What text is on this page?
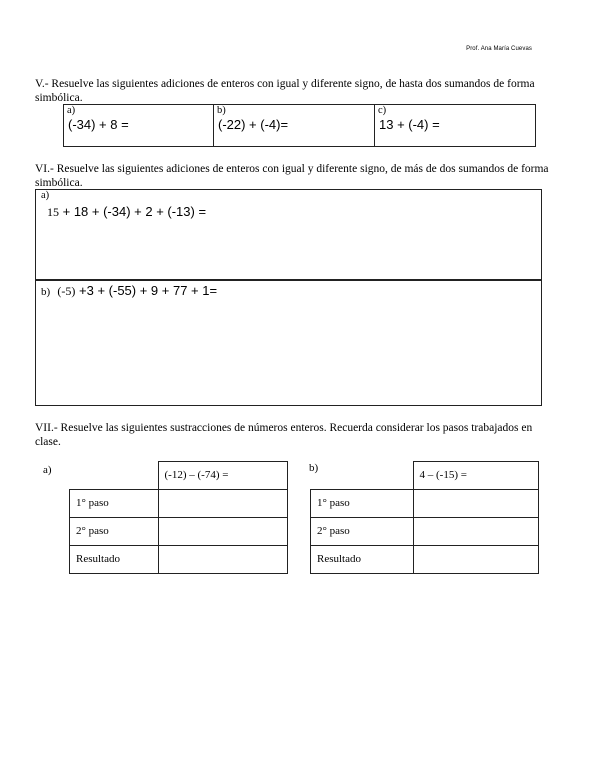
Prof. Ana María Cuevas
V.- Resuelve las siguientes adiciones de enteros con igual y diferente signo, de hasta dos sumandos de forma simbólica.
a)
(-34) + 8 =

b)
(-22) + (-4)=

c)
13 + (-4) =
VI.- Resuelve las siguientes adiciones de enteros con igual y diferente signo, de más de dos sumandos de forma simbólica.
a)
15 + 18 + (-34) + 2 + (-13) =
b) (-5) +3 + (-55) + 9 + 77 + 1=
VII.- Resuelve las siguientes sustracciones de números enteros. Recuerda considerar los pasos trabajados en clase.
a)
		(-12) – (-74) =
1° paso	
2° paso	
Resultado	
b)
	4 – (-15) =
1° paso	
2° paso	
Resultado	
